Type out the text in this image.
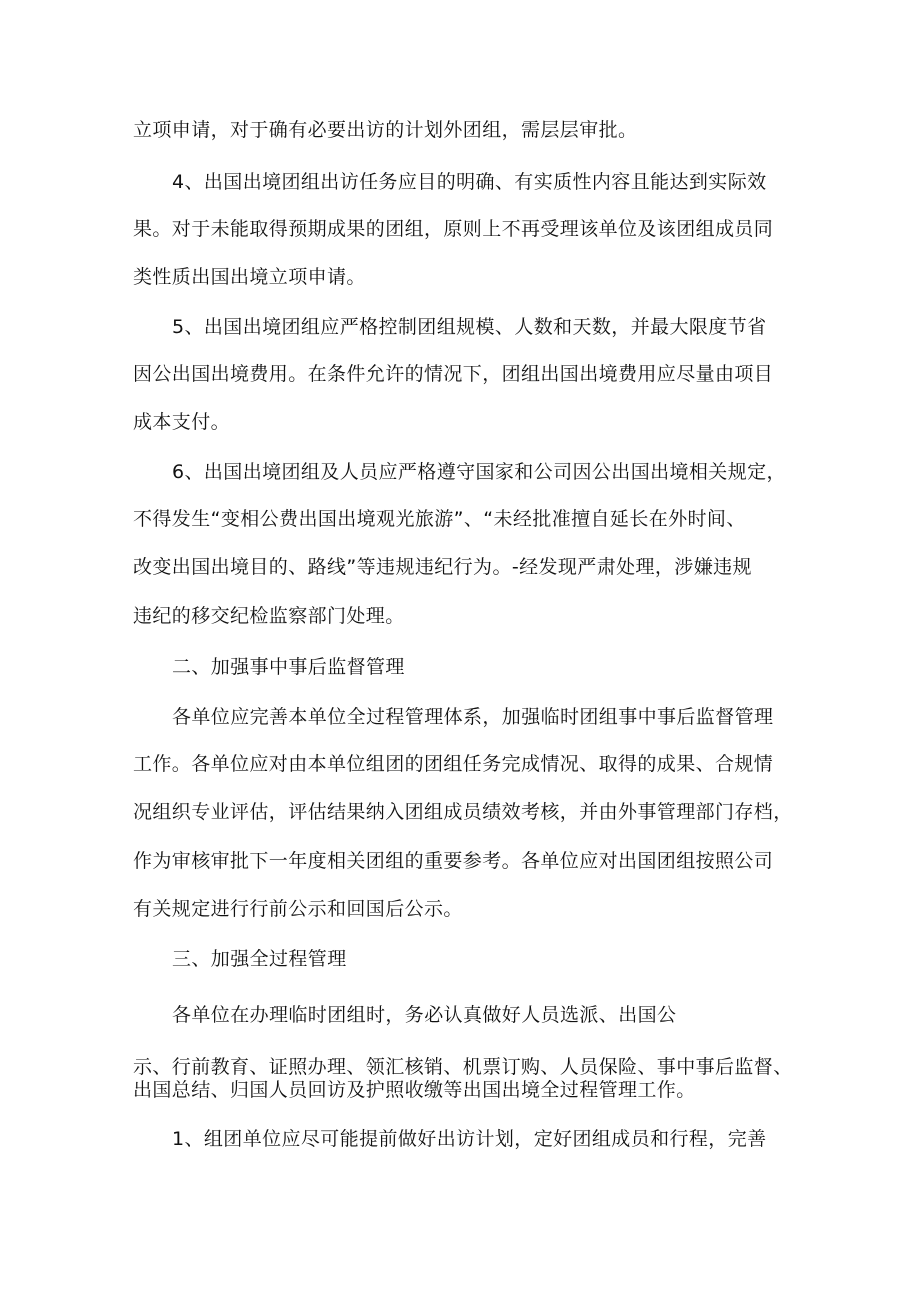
立项申请，对于确有必要出访的计划外团组，需层层审批。
4、出国出境团组出访任务应目的明确、有实质性内容且能达到实际效
果。对于未能取得预期成果的团组，原则上不再受理该单位及该团组成员同
类性质出国出境立项申请。
5、出国出境团组应严格控制团组规模、人数和天数，并最大限度节省
因公出国出境费用。在条件允许的情况下，团组出国出境费用应尽量由项目
成本支付。
6、出国出境团组及人员应严格遵守国家和公司因公出国出境相关规定，
不得发生“变相公费出国出境观光旅游”、“未经批准擅自延长在外时间、
改变出国出境目的、路线”等违规违纪行为。-经发现严肃处理，涉嫌违规
违纪的移交纪检监察部门处理。
二、加强事中事后监督管理
各单位应完善本单位全过程管理体系，加强临时团组事中事后监督管理
工作。各单位应对由本单位组团的团组任务完成情况、取得的成果、合规情
况组织专业评估，评估结果纳入团组成员绩效考核，并由外事管理部门存档，
作为审核审批下一年度相关团组的重要参考。各单位应对出国团组按照公司
有关规定进行行前公示和回国后公示。
三、加强全过程管理
各单位在办理临时团组时，务必认真做好人员选派、出国公
示、行前教育、证照办理、领汇核销、机票订购、人员保险、事中事后监督、
出国总结、归国人员回访及护照收缴等出国出境全过程管理工作。
1、组团单位应尽可能提前做好出访计划，定好团组成员和行程，完善
